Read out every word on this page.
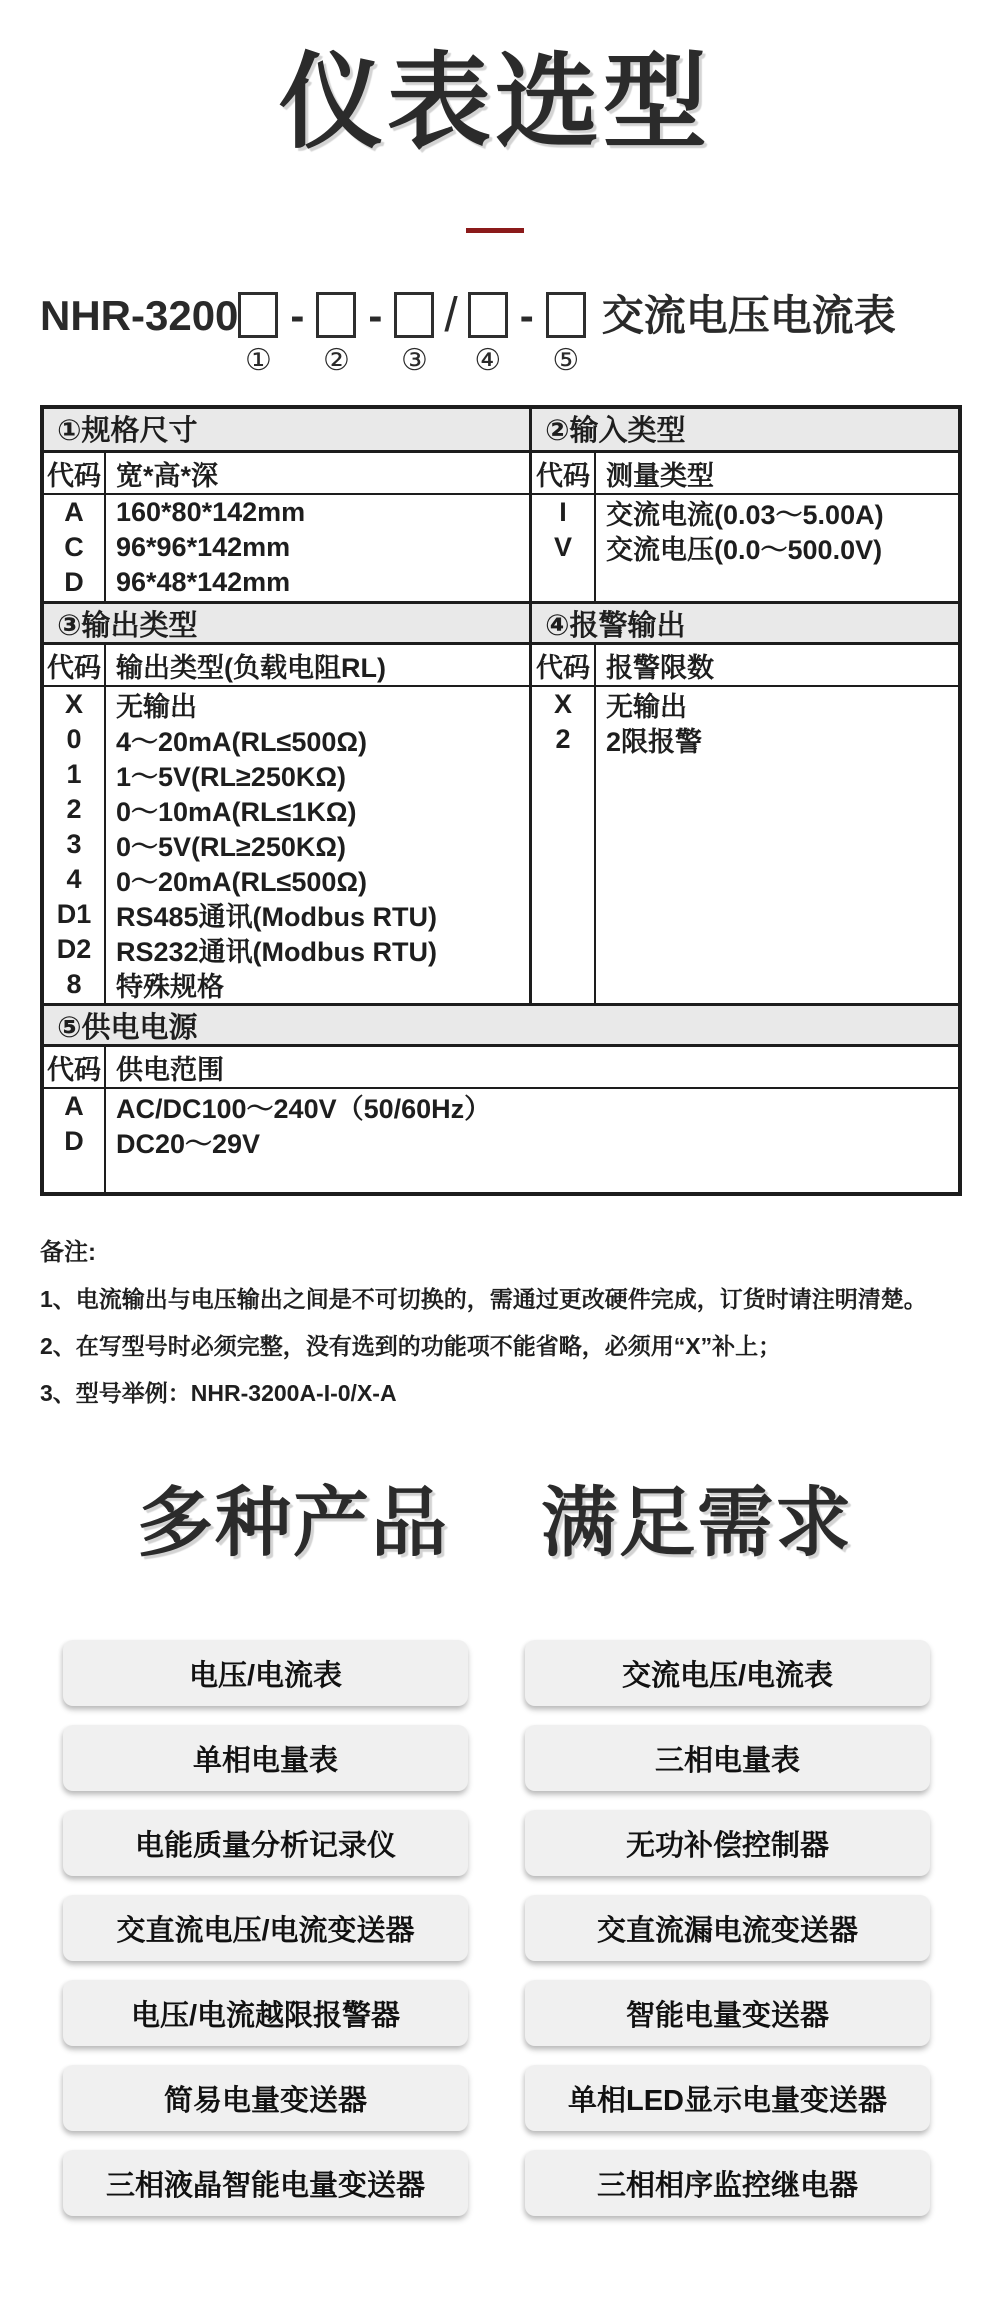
仪表选型
NHR-3200
①
-
②
-
③
/
④
-
⑤
交流电压电流表
①规格尺寸	②输入类型
代码 宽*高*深
A	160*80*142mm
C	96*96*142mm
D	96*48*142mm
代码 测量类型
I	交流电流(0.03～5.00A)
V	交流电压(0.0～500.0V)
③输出类型	④报警输出
代码 输出类型(负载电阻RL)
X	无输出
0	4～20mA(RL≤500Ω)
1	1～5V(RL≥250KΩ)
2	0～10mA(RL≤1KΩ)
3	0～5V(RL≥250KΩ)
4	0～20mA(RL≤500Ω)
D1 RS485通讯(Modbus RTU)
D2 RS232通讯(Modbus RTU)
8	特殊规格
代码 报警限数
X	无输出
2	2限报警
⑤供电电源
代码 供电范围
A	AC/DC100～240V（50/60Hz）
D	DC20～29V
备注:
1、电流输出与电压输出之间是不可切换的，需通过更改硬件完成，订货时请注明清楚。
2、在写型号时必须完整，没有选到的功能项不能省略，必须用“X”补上；
3、型号举例：NHR-3200A-I-0/X-A
多种产品 满足需求
电压/电流表	交流电压/电流表
单相电量表	三相电量表
电能质量分析记录仪	无功补偿控制器
交直流电压/电流变送器	交直流漏电流变送器
电压/电流越限报警器	智能电量变送器
简易电量变送器	单相LED显示电量变送器
三相液晶智能电量变送器	三相相序监控继电器
